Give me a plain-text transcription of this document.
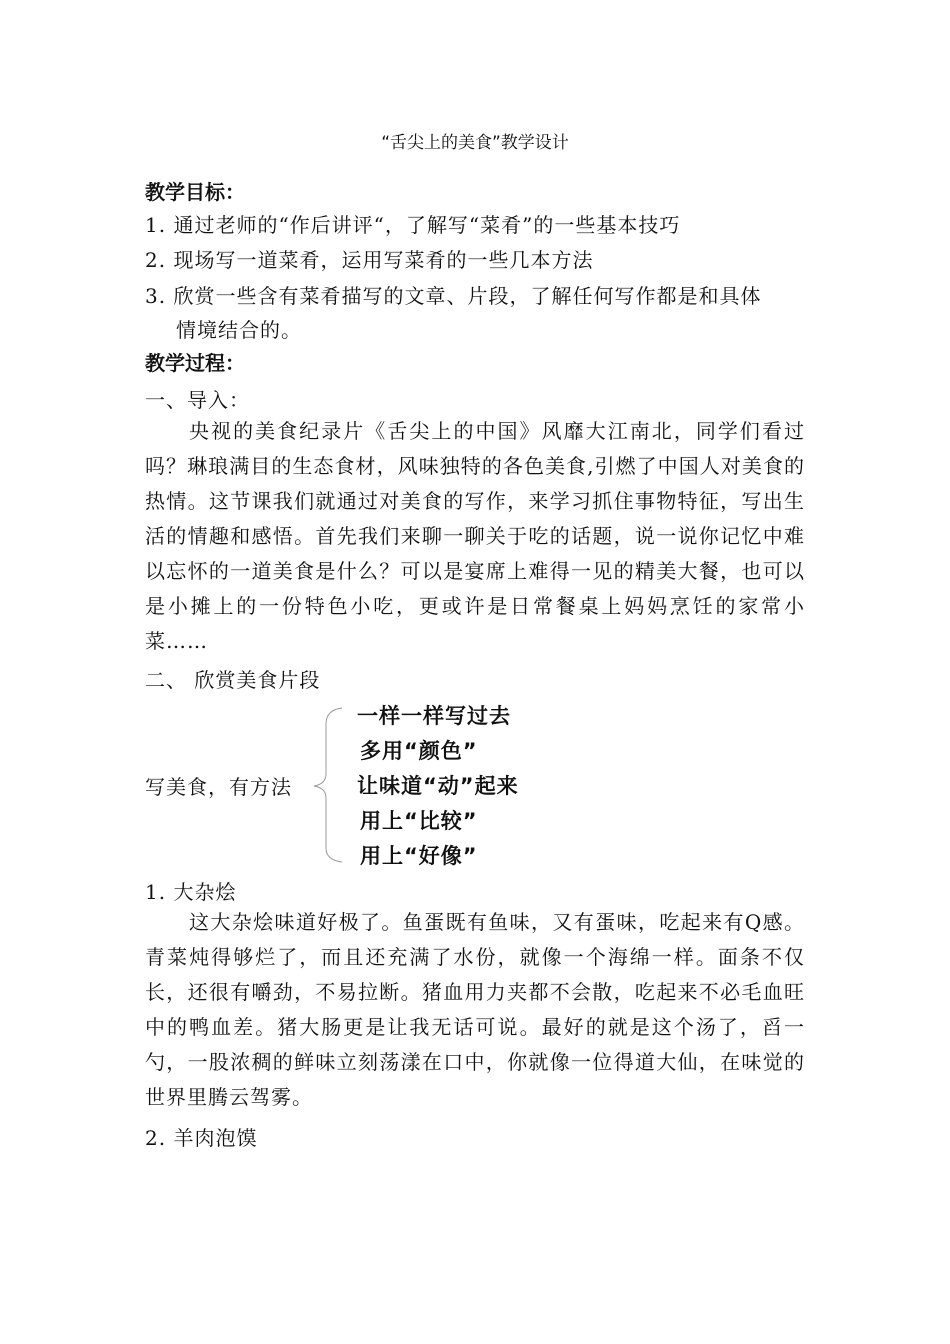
“舌尖上的美食”教学设计
教学目标：
1. 通过老师的“作后讲评“，了解写“菜肴”的一些基本技巧
2. 现场写一道菜肴，运用写菜肴的一些几本方法
3. 欣赏一些含有菜肴描写的文章、片段，了解任何写作都是和具体
情境结合的。
教学过程：
一、导入：
央视的美食纪录片《舌尖上的中国》风靡大江南北，同学们看过吗？琳琅满目的生态食材，风味独特的各色美食,引燃了中国人对美食的热情。这节课我们就通过对美食的写作，来学习抓住事物特征，写出生活的情趣和感悟。首先我们来聊一聊关于吃的话题，说一说你记忆中难以忘怀的一道美食是什么？可以是宴席上难得一见的精美大餐，也可以是小摊上的一份特色小吃，更或许是日常餐桌上妈妈烹饪的家常小菜……
二、 欣赏美食片段
写美食，有方法
一样一样写过去
多用“颜色”
让味道“动”起来
用上“比较”
用上“好像”
1. 大杂烩
这大杂烩味道好极了。鱼蛋既有鱼味，又有蛋味，吃起来有Q感。青菜炖得够烂了，而且还充满了水份，就像一个海绵一样。面条不仅长，还很有嚼劲，不易拉断。猪血用力夹都不会散，吃起来不必毛血旺中的鸭血差。猪大肠更是让我无话可说。最好的就是这个汤了，舀一勺，一股浓稠的鲜味立刻荡漾在口中，你就像一位得道大仙，在味觉的世界里腾云驾雾。
2. 羊肉泡馍
